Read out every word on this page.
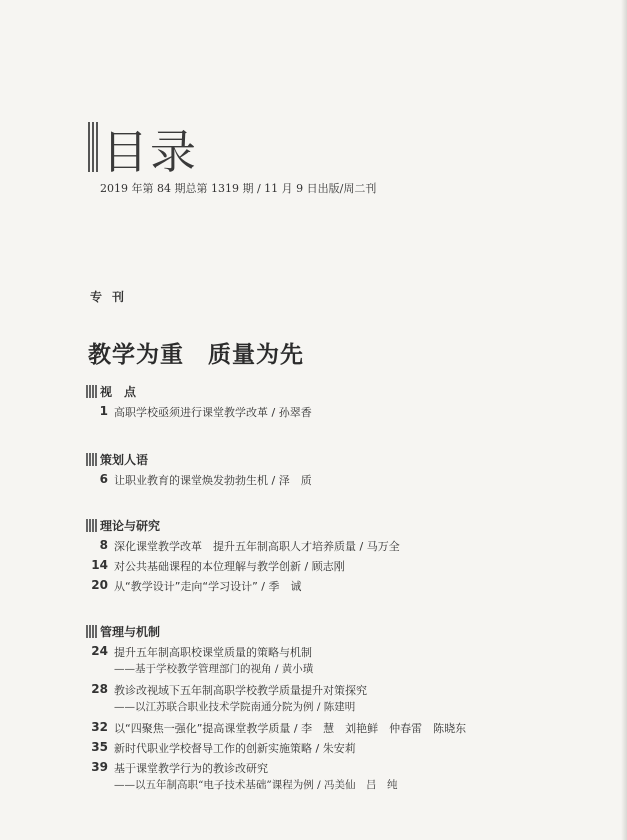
目录
2019 年第 84 期总第 1319 期 / 11 月 9 日出版/周二刊
专刊
教学为重　质量为先
视　点
1 高职学校亟须进行课堂教学改革 / 孙翠香
策划人语
6 让职业教育的课堂焕发勃勃生机 / 泽　质
理论与研究
8 深化课堂教学改革　提升五年制高职人才培养质量 / 马万全
14 对公共基础课程的本位理解与教学创新 / 顾志刚
20 从“教学设计”走向“学习设计” / 季　诚
管理与机制
24 提升五年制高职校课堂质量的策略与机制
——基于学校教学管理部门的视角 / 黄小璜
28 教诊改视域下五年制高职学校教学质量提升对策探究
——以江苏联合职业技术学院南通分院为例 / 陈建明
32 以“四聚焦一强化”提高课堂教学质量 / 李　慧　刘艳鲜　仲春雷　陈晓东
35 新时代职业学校督导工作的创新实施策略 / 朱安莉
39 基于课堂教学行为的教诊改研究
——以五年制高职“电子技术基础”课程为例 / 冯美仙　吕　纯
